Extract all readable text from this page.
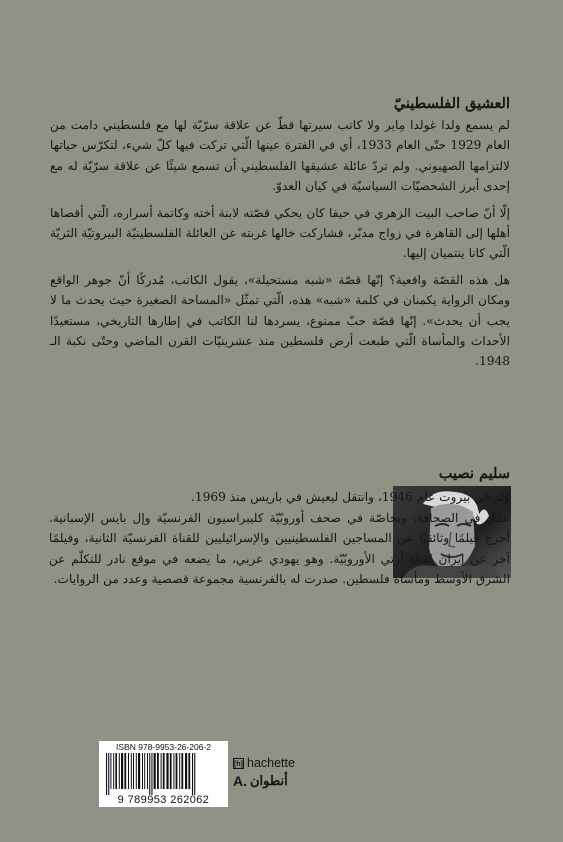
العشيق الفلسطينيّ

لم يسمع ولدا غولدا مِاير ولا كاتب سيرتها قطّ عن علاقة سرّيّة لها مع فلسطيني دامت من العام 1929 حتّى العام 1933، أي في الفترة عينها الّتي تركت فيها كلّ شيء، لتكرّس حياتها لالتزامها الصهيوني. ولم تردّ عائلة عشيقها الفلسطيني أن تسمع شيئًا عن علاقة سرّيّة له مع إحدى أبرز الشخصيّات السياسيّة في كيان العدوّ.

إلّا أنّ صاحب البيت الزهري في حيفا كان يحكي قصّته لابنة أخته وكاتمة أسراره، الّتي أقصاها أهلها إلى القاهرة في زواج مدبّر، فشاركت خالها غربته عن العائلة الفلسطينيّة البيروتيّة الثريّة الّتي كانا ينتميان إليها.

هل هذه القصّة واقعية؟ إنّها قصّة «شبه مستحيلة»، يقول الكاتب، مُدركًا أنّ جوهر الواقع ومكان الرواية يكمنان في كلمة «شبه» هذه، الّتي تمثّل «المساحة الصغيرة حيث يحدث ما لا يجب أن يحدث». إنّها قصّة حبّ ممنوع، يسردها لنا الكاتب في إطارها التاريخي، مستعيدًا الأحداث والمأساة الّتي طبعت أرض فلسطين منذ عشرينيّات القرن الماضي وحتّى نكبة الـ 1948.

سليم نصيب

وُلد في بيروت عام 1946، وانتقل ليعيش في باريس منذ 1969.

عمل في الصحافة، وبخاصّة في صحف أوروبّيّة كليبراسيون الفرنسيّة وإل بايس الإسبانية. أخرج فيلمًا وثائقيًا عن المساجين الفلسطينيين والإسرائيليين للقناة الفرنسيّة الثانية، وفيلمًا آخر عن إيران لقناة أرتي الأوروبّيّة. وهو يهودي عربي، ما يضعه في موقع نادر للتكلّم عن الشرق الأوسط ومأساة فلسطين. صدرت له بالفرنسية مجموعة قصصية وعدد من الروايات.

ISBN 978-9953-26-206-2
9 789953 262062
[h] hachette
A. أنطوان
